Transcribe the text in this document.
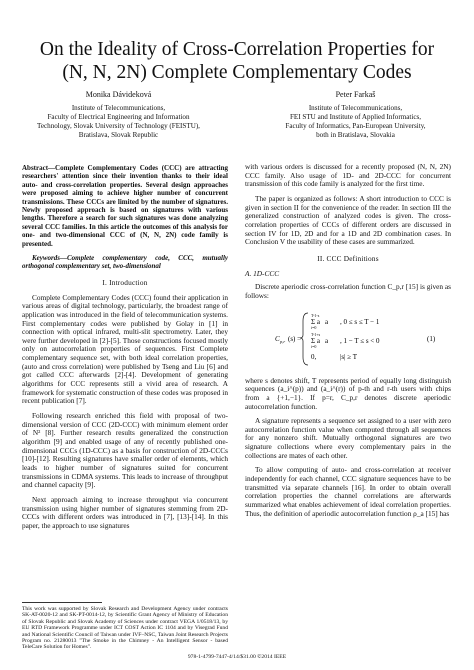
On the Ideality of Cross-Correlation Properties for
(N, N, 2N) Complete Complementary Codes
Monika Dávideková
Institute of Telecommunications,
Faculty of Electrical Engineering and Information
Technology, Slovak University of Technology (FEISTU),
Bratislava, Slovak Republic
Peter Farkaš
Institute of Telecommunications,
FEI STU and Institute of Applied Informatics,
Faculty of Informatics, Pan-European University,
both in Bratislava, Slovakia

Abstract—Complete Complementary Codes (CCC) are attracting researchers' attention since their invention thanks to their ideal auto- and cross-correlation properties. Several design approaches were proposed aiming to achieve higher number of concurrent transmissions. These CCCs are limited by the number of signatures. Newly proposed approach is based on signatures with various lengths. Therefore a search for such signatures was done analyzing several CCC families. In this article the outcomes of this analysis for one- and two-dimensional CCC of (N, N, 2N) code family is presented.

Keywords—Complete complementary code, CCC, mutually orthogonal complementary set, two-dimensional

I. Introduction

Complete Complementary Codes (CCC) found their application in various areas of digital technology, particularly, the broadest range of application was introduced in the field of telecommunication systems. First complementary codes were published by Golay in [1] in connection with optical infrared, multi-slit spectrometry. Later, they were further developed in [2]-[5]. Those constructions focused mostly only on autocorrelation properties of sequences. First Complete complementary sequence set, with both ideal correlation properties, (auto and cross correlation) were published by Tseng and Liu [6] and got called CCC afterwards [2]-[4]. Development of generating algorithms for CCC represents still a vivid area of research. A framework for systematic construction of these codes was proposed in recent publication [7].

Following research enriched this field with proposal of two-dimensional version of CCC (2D-CCC) with minimum element order of N² [8]. Further research results generalized the construction algorithm [9] and enabled usage of any of recently published one-dimensional CCCs (1D-CCC) as a basis for construction of 2D-CCCs [10]-[12]. Resulting signatures have smaller order of elements, which leads to higher number of signatures suited for concurrent transmissions in CDMA systems. This leads to increase of throughput and channel capacity [9].

Next approach aiming to increase throughput via concurrent transmission using higher number of signatures stemming from 2D-CCCs with different orders was introduced in [7], [13]-[14]. In this paper, the approach to use signatures

This work was supported by Slovak Research and Development Agency under contracts SK-AT-0020-12 and SK-PT-0014-12, by Scientific Grant Agency of Ministry of Education of Slovak Republic and Slovak Academy of Sciences under contract VEGA 1/0518/13, by EU RTD Framework Programme under ICT COST Action IC 1104 and by Visegrad Fund and National Scientific Council of Taiwan under IVF–NSC, Taiwan Joint Research Projects Program no. 21280013 "The Smoke in the Chimney - An Intelligent Sensor - based TeleCare Solution for Homes".

with various orders is discussed for a recently proposed (N, N, 2N) CCC family. Also usage of 1D- and 2D-CCC for concurrent transmission of this code family is analyzed for the first time.

The paper is organized as follows: A short introduction to CCC is given in section II for the convenience of the reader. In section III the generalized construction of analyzed codes is given. The cross-correlation properties of CCCs of different orders are discussed in section IV for 1D, 2D and for a 1D and 2D combination cases. In Conclusion V the usability of these cases are summarized.

II. CCC Definitions
A. 1D-CCC

Discrete aperiodic cross-correlation function C_p,r [15] is given as follows:

C p,r (s) =
Σ a
i=0
T-1-s
a , 0 ≤ s ≤ T − 1
Σ a
i=0
T-1+s
a , 1 − T ≤ s < 0
0,	|s| ≥ T
(1)

where s denotes shift, T represents period of equally long distinguish sequences (a_i^(p)) and (a_i^(r)) of p-th and r-th users with chips from a {+1,−1}. If p=r, C_p,r denotes discrete aperiodic autocorrelation function.

A signature represents a sequence set assigned to a user with zero autocorrelation function value when computed through all sequences for any nonzero shift. Mutually orthogonal signatures are two signature collections where every complementary pairs in the collections are mates of each other.

To allow computing of auto- and cross-correlation at receiver independently for each channel, CCC signature sequences have to be transmitted via separate channels [16]. In order to obtain overall correlation properties the channel correlations are afterwards summarized what enables achievement of ideal correlation properties. Thus, the definition of aperiodic autocorrelation function ρ_a [15] has

978-1-4799-7447-4/14/$31.00 ©2014 IEEE
